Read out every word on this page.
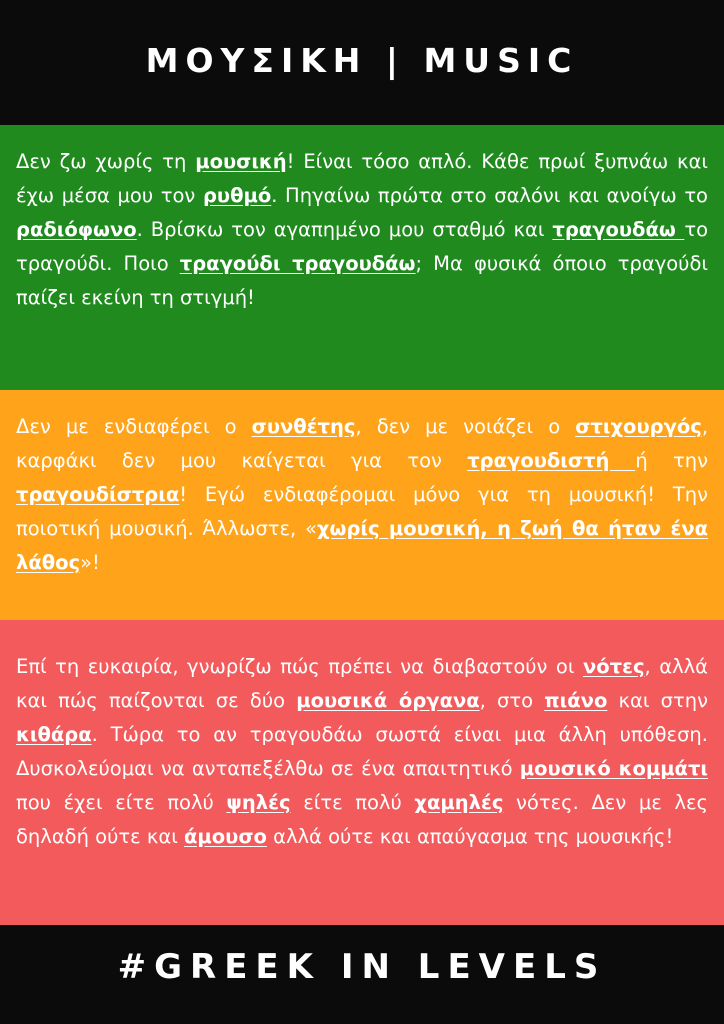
ΜΟΥΣΙΚΗ | MUSIC

Δεν ζω χωρίς τη μουσική! Είναι τόσο απλό. Κάθε πρωί ξυπνάω και έχω μέσα μου τον ρυθμό. Πηγαίνω πρώτα στο σαλόνι και ανοίγω το ραδιόφωνο. Βρίσκω τον αγαπημένο μου σταθμό και τραγουδάω το τραγούδι. Ποιο τραγούδι τραγουδάω; Μα φυσικά όποιο τραγούδι παίζει εκείνη τη στιγμή!

Δεν με ενδιαφέρει ο συνθέτης, δεν με νοιάζει ο στιχουργός, καρφάκι δεν μου καίγεται για τον τραγουδιστή ή την τραγουδίστρια! Εγώ ενδιαφέρομαι μόνο για τη μουσική! Την ποιοτική μουσική. Άλλωστε, «χωρίς μουσική, η ζωή θα ήταν ένα λάθος»!

Επί τη ευκαιρία, γνωρίζω πώς πρέπει να διαβαστούν οι νότες, αλλά και πώς παίζονται σε δύο μουσικά όργανα, στο πιάνο και στην κιθάρα. Τώρα το αν τραγουδάω σωστά είναι μια άλλη υπόθεση. Δυσκολεύομαι να ανταπεξέλθω σε ένα απαιτητικό μουσικό κομμάτι που έχει είτε πολύ ψηλές είτε πολύ χαμηλές νότες. Δεν με λες δηλαδή ούτε και άμουσο αλλά ούτε και απαύγασμα της μουσικής!

#GREEK IN LEVELS
